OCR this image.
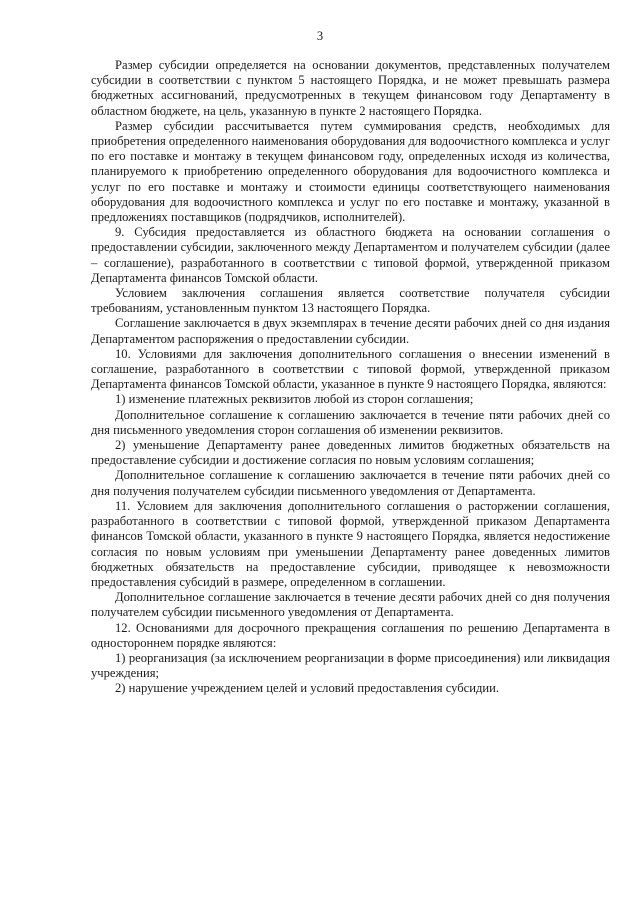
3

Размер субсидии определяется на основании документов, представленных получателем субсидии в соответствии с пунктом 5 настоящего Порядка, и не может превышать размера бюджетных ассигнований, предусмотренных в текущем финансовом году Департаменту в областном бюджете, на цель, указанную в пункте 2 настоящего Порядка.

Размер субсидии рассчитывается путем суммирования средств, необходимых для приобретения определенного наименования оборудования для водоочистного комплекса и услуг по его поставке и монтажу в текущем финансовом году, определенных исходя из количества, планируемого к приобретению определенного оборудования для водоочистного комплекса и услуг по его поставке и монтажу и стоимости единицы соответствующего наименования оборудования для водоочистного комплекса и услуг по его поставке и монтажу, указанной в предложениях поставщиков (подрядчиков, исполнителей).

9. Субсидия предоставляется из областного бюджета на основании соглашения о предоставлении субсидии, заключенного между Департаментом и получателем субсидии (далее – соглашение), разработанного в соответствии с типовой формой, утвержденной приказом Департамента финансов Томской области.

Условием заключения соглашения является соответствие получателя субсидии требованиям, установленным пунктом 13 настоящего Порядка.

Соглашение заключается в двух экземплярах в течение десяти рабочих дней со дня издания Департаментом распоряжения о предоставлении субсидии.

10. Условиями для заключения дополнительного соглашения о внесении изменений в соглашение, разработанного в соответствии с типовой формой, утвержденной приказом Департамента финансов Томской области, указанное в пункте 9 настоящего Порядка, являются:

1) изменение платежных реквизитов любой из сторон соглашения;

Дополнительное соглашение к соглашению заключается в течение пяти рабочих дней со дня письменного уведомления сторон соглашения об изменении реквизитов.

2) уменьшение Департаменту ранее доведенных лимитов бюджетных обязательств на предоставление субсидии и достижение согласия по новым условиям соглашения;

Дополнительное соглашение к соглашению заключается в течение пяти рабочих дней со дня получения получателем субсидии письменного уведомления от Департамента.

11. Условием для заключения дополнительного соглашения о расторжении соглашения, разработанного в соответствии с типовой формой, утвержденной приказом Департамента финансов Томской области, указанного в пункте 9 настоящего Порядка, является недостижение согласия по новым условиям при уменьшении Департаменту ранее доведенных лимитов бюджетных обязательств на предоставление субсидии, приводящее к невозможности предоставления субсидий в размере, определенном в соглашении.

Дополнительное соглашение заключается в течение десяти рабочих дней со дня получения получателем субсидии письменного уведомления от Департамента.

12. Основаниями для досрочного прекращения соглашения по решению Департамента в одностороннем порядке являются:

1) реорганизация (за исключением реорганизации в форме присоединения) или ликвидация учреждения;

2) нарушение учреждением целей и условий предоставления субсидии.
